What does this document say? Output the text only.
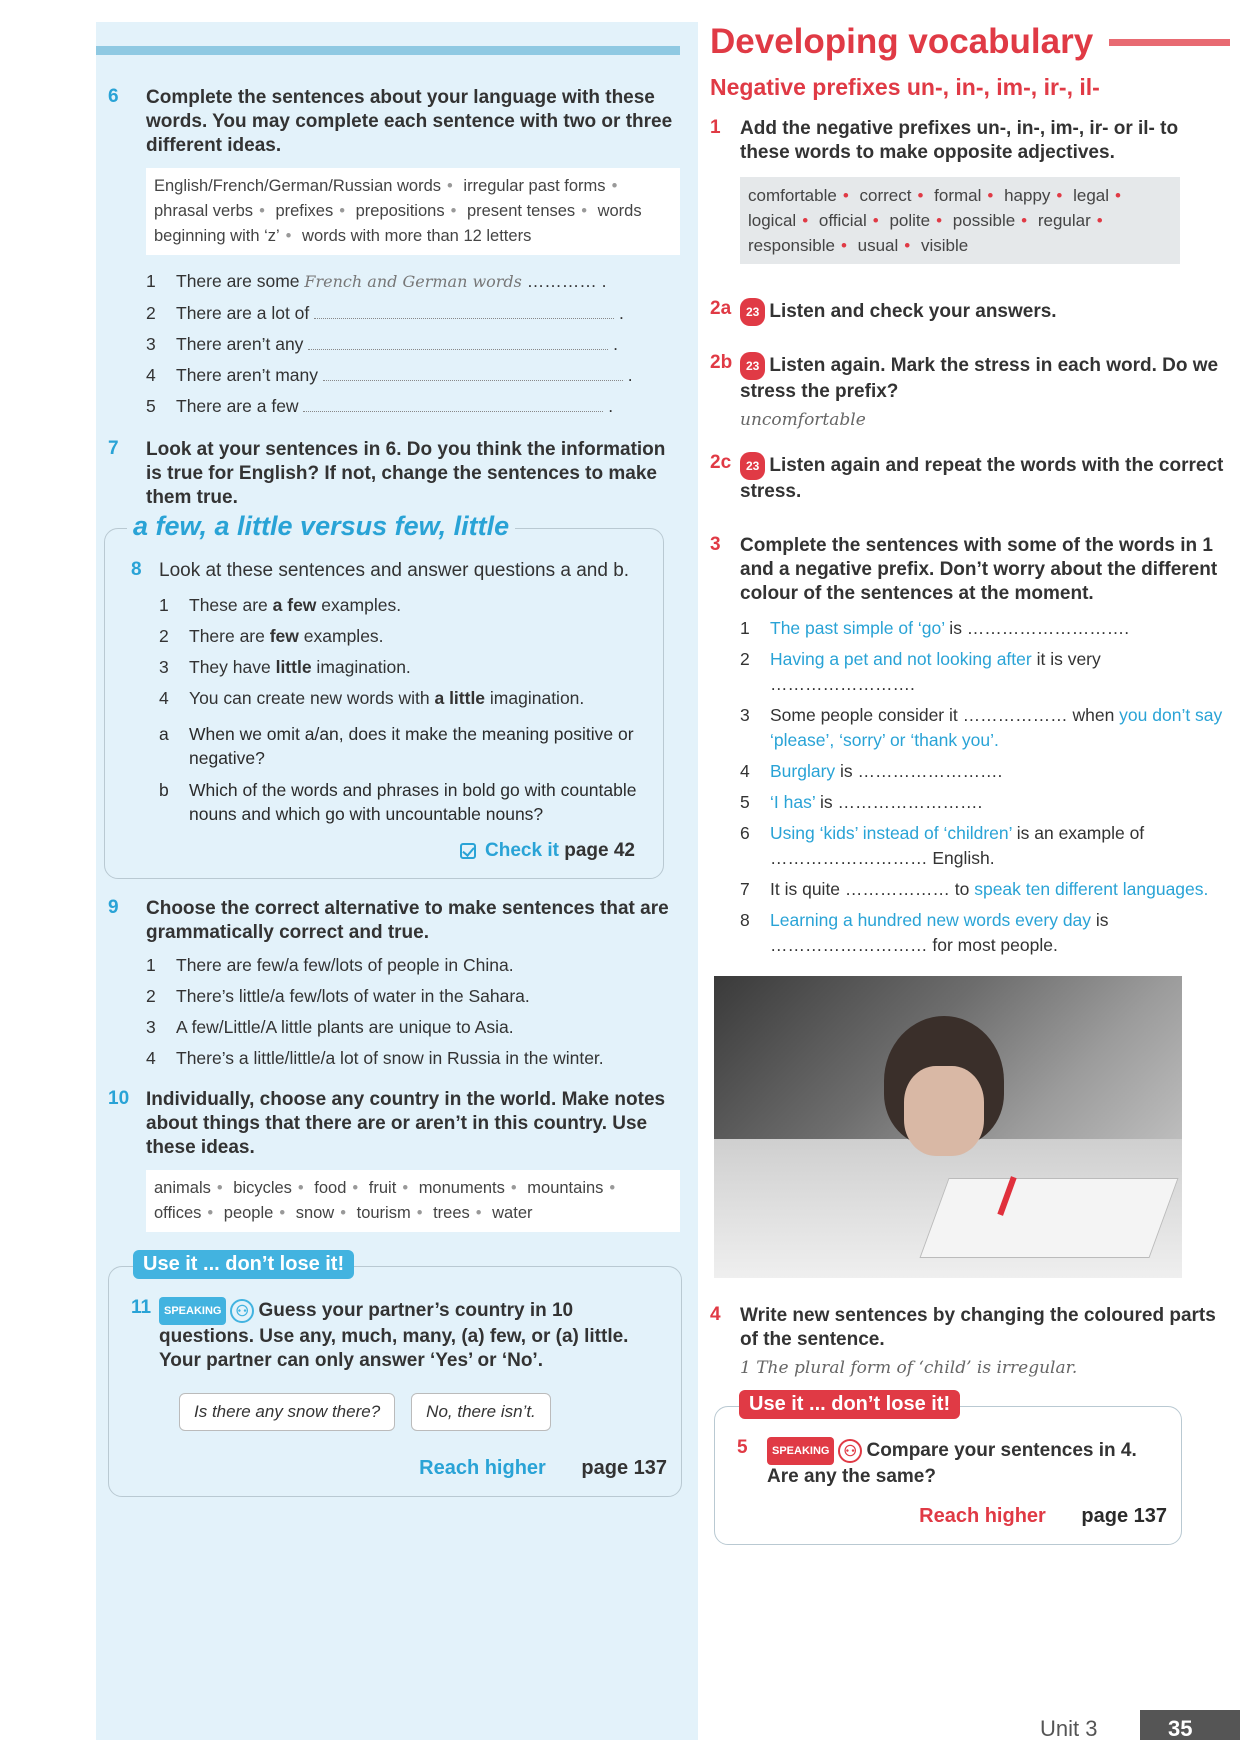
6 Complete the sentences about your language with these words. You may complete each sentence with two or three different ideas.
English/French/German/Russian words • irregular past forms • phrasal verbs • prefixes • prepositions • present tenses • words beginning with ‘z’ • words with more than 12 letters
1 There are some French and German words ………… .
2 There are a lot of	.
3 There aren’t any	.
4 There aren’t many	.
5 There are a few	.
7 Look at your sentences in 6. Do you think the information is true for English? If not, change the sentences to make them true.
a few, a little versus few, little
8 Look at these sentences and answer questions a and b.
1 These are a few examples.
2 There are few examples.
3 They have little imagination.
4 You can create new words with a little imagination.
a When we omit a/an, does it make the meaning positive or negative?
b Which of the words and phrases in bold go with countable nouns and which go with uncountable nouns?
Check it page 42
9 Choose the correct alternative to make sentences that are grammatically correct and true.
1 There are few/a few/lots of people in China.
2 There’s little/a few/lots of water in the Sahara.
3 A few/Little/A little plants are unique to Asia.
4 There’s a little/little/a lot of snow in Russia in the winter.
10 Individually, choose any country in the world. Make notes about things that there are or aren’t in this country. Use these ideas.
animals • bicycles • food • fruit • monuments • mountains • offices • people • snow • tourism • trees • water
Use it ... don’t lose it!
11	SPEAKING ⚇ Guess your partner’s country in 10 questions. Use any, much, many, (a) few, or (a) little. Your partner can only answer ‘Yes’ or ‘No’.
Is there any snow there?	No, there isn’t.
Reach higher page 137
Developing vocabulary
Negative prefixes un-, in-, im-, ir-, il-
1 Add the negative prefixes un-, in-, im-, ir- or il- to these words to make opposite adjectives.
comfortable • correct • formal • happy • legal • logical • official • polite • possible • regular • responsible • usual • visible
2a	23 Listen and check your answers.
2b	23 Listen again. Mark the stress in each word. Do we stress the prefix?
uncomfortable
2c	23 Listen again and repeat the words with the correct stress.
3 Complete the sentences with some of the words in 1 and a negative prefix. Don’t worry about the different colour of the sentences at the moment.
1 The past simple of ‘go’ is ……………………….
2 Having a pet and not looking after it is very …………………….
3 Some people consider it ……………… when you don’t say ‘please’, ‘sorry’ or ‘thank you’.
4 Burglary is …………………….
5 ‘I has’ is …………………….
6 Using ‘kids’ instead of ‘children’ is an example of ……………………… English.
7 It is quite ……………… to speak ten different languages.
8 Learning a hundred new words every day is ……………………… for most people.
4 Write new sentences by changing the coloured parts of the sentence.
1 The plural form of ‘child’ is irregular.
Use it ... don’t lose it!
5	SPEAKING ⚇ Compare your sentences in 4. Are any the same?
Reach higher page 137
Unit 3	35
